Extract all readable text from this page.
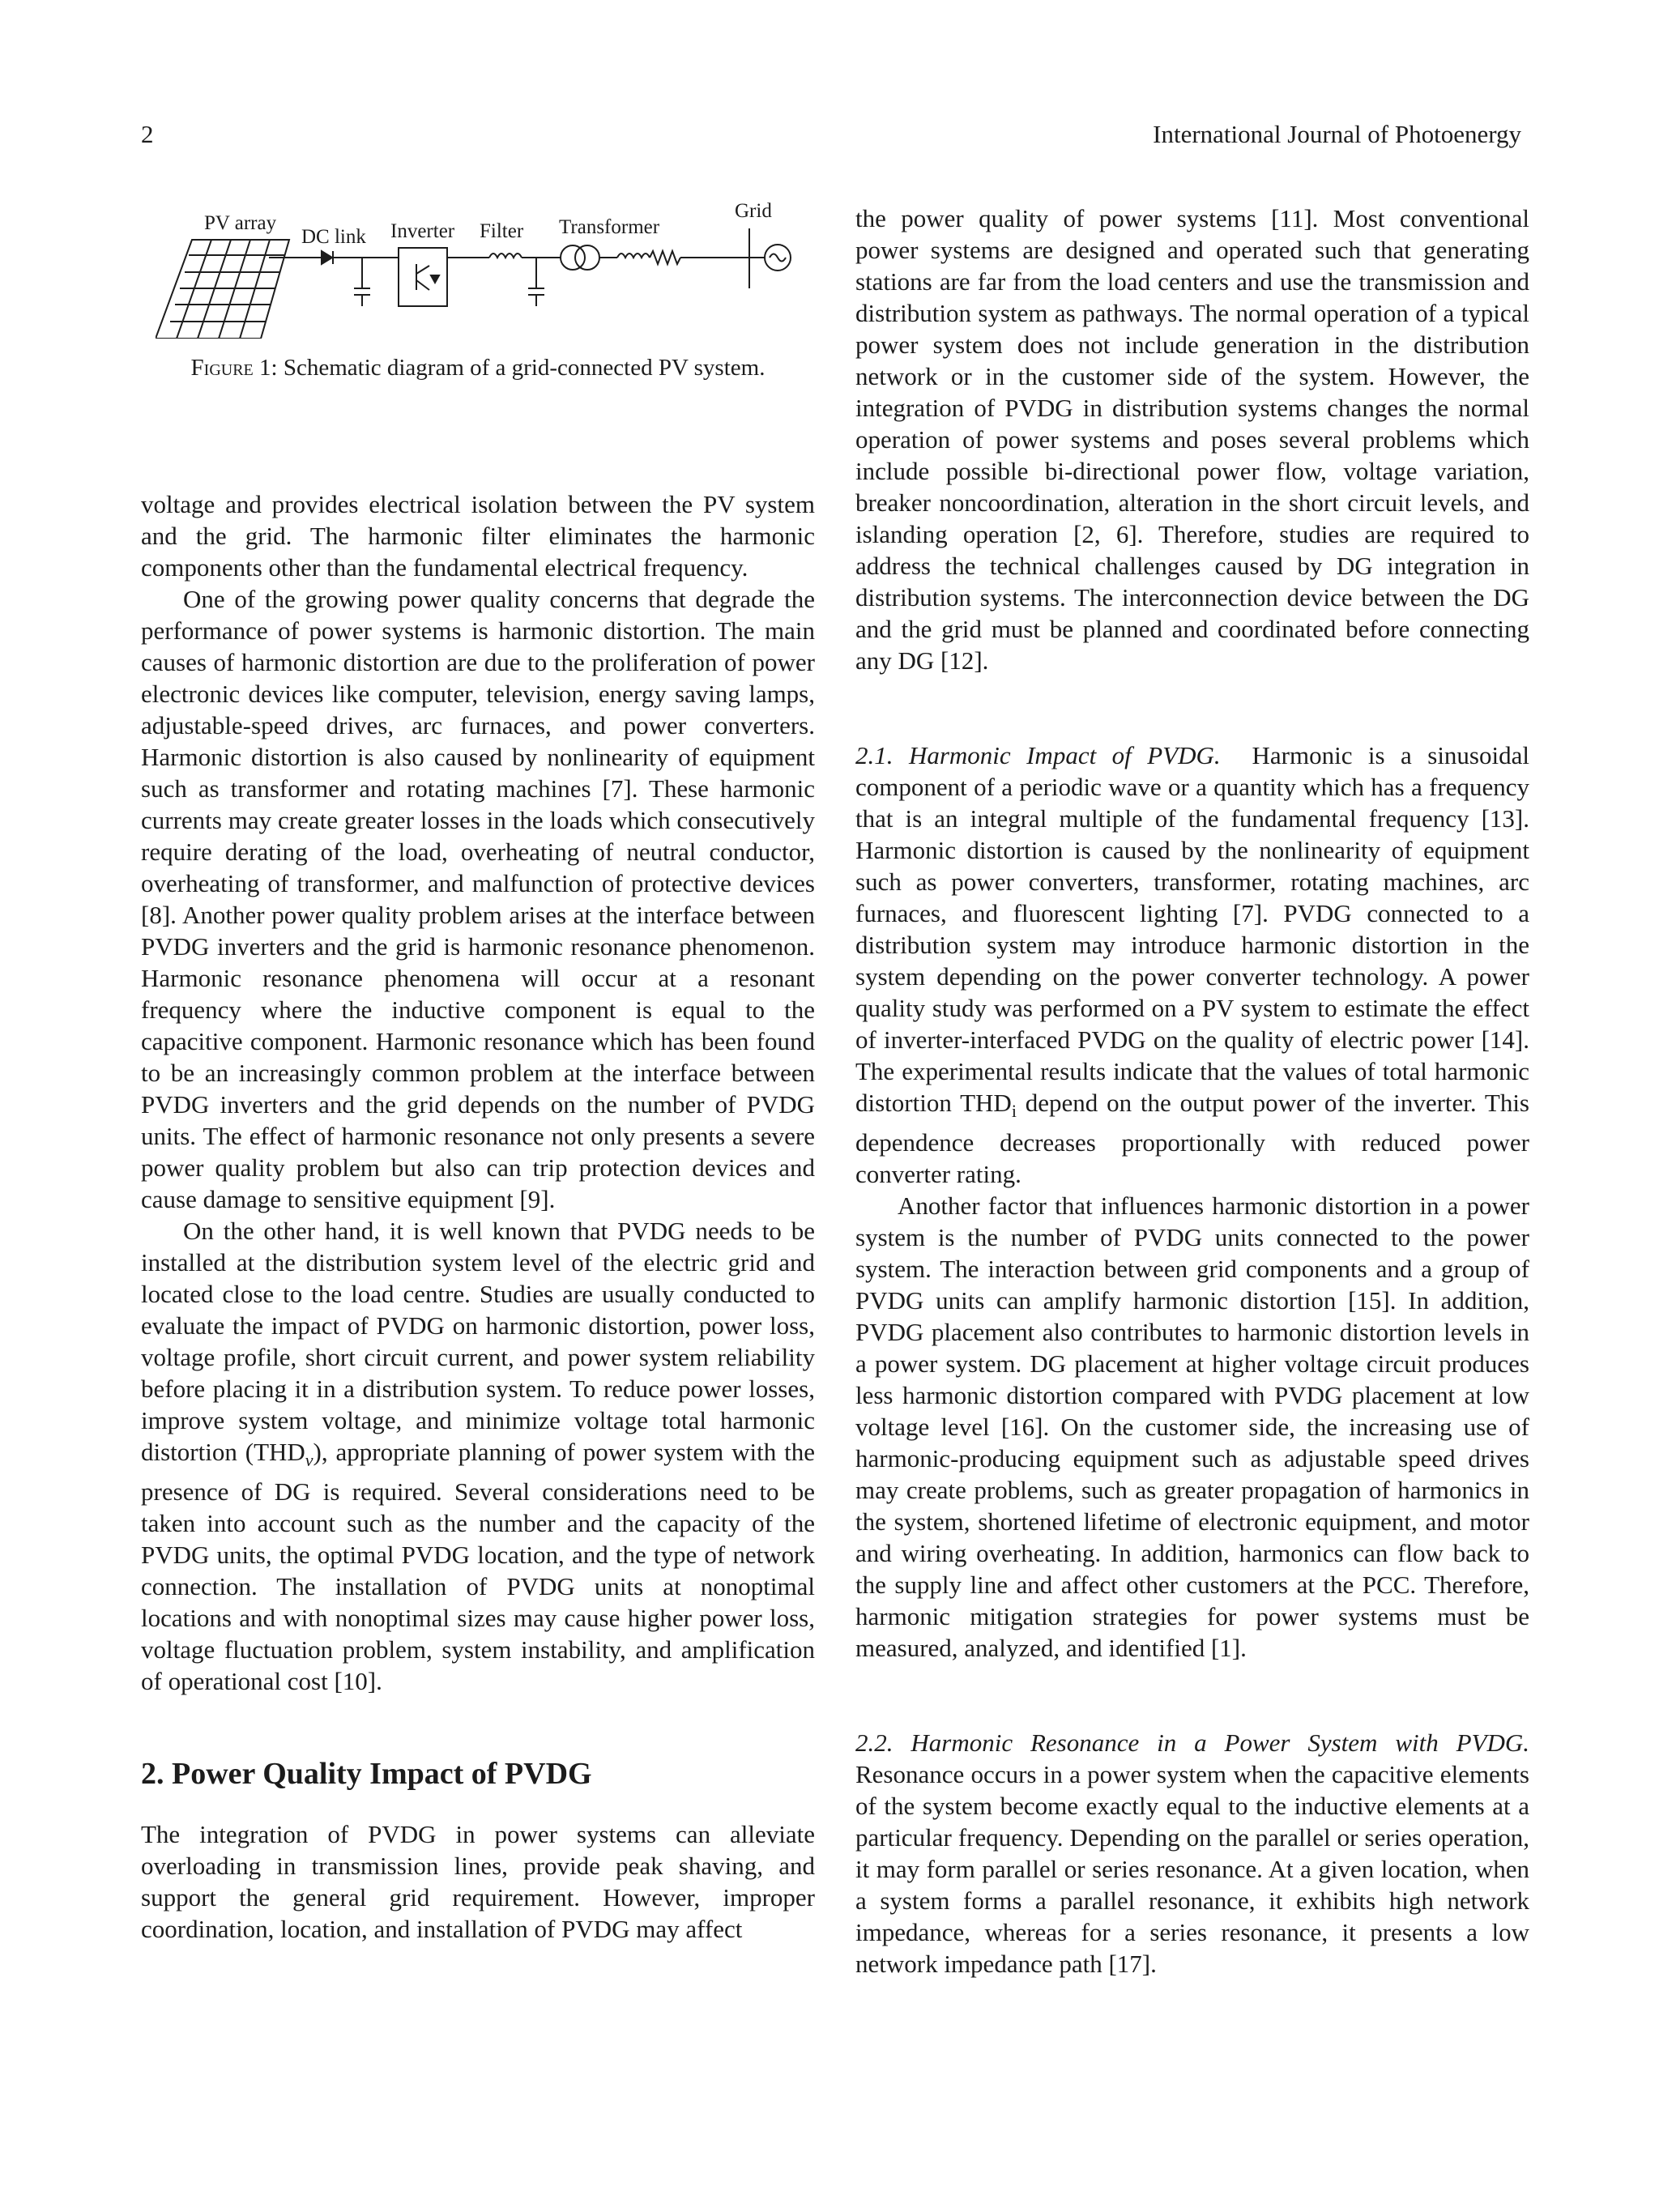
2	International Journal of Photoenergy
PV array
DC link Inverter Filter Transformer
Grid
Figure 1: Schematic diagram of a grid-connected PV system.

voltage and provides electrical isolation between the PV system and the grid. The harmonic filter eliminates the harmonic components other than the fundamental electrical frequency.

One of the growing power quality concerns that degrade the performance of power systems is harmonic distortion. The main causes of harmonic distortion are due to the proliferation of power electronic devices like computer, television, energy saving lamps, adjustable-speed drives, arc furnaces, and power converters. Harmonic distortion is also caused by nonlinearity of equipment such as transformer and rotating machines [7]. These harmonic currents may create greater losses in the loads which consecutively require derating of the load, overheating of neutral conductor, overheating of transformer, and malfunction of protective devices [8]. Another power quality problem arises at the interface between PVDG inverters and the grid is harmonic resonance phenomenon. Harmonic resonance phenomena will occur at a resonant frequency where the inductive component is equal to the capacitive component. Harmonic resonance which has been found to be an increasingly common problem at the interface between PVDG inverters and the grid depends on the number of PVDG units. The effect of harmonic resonance not only presents a severe power quality problem but also can trip protection devices and cause damage to sensitive equipment [9].

On the other hand, it is well known that PVDG needs to be installed at the distribution system level of the electric grid and located close to the load centre. Studies are usually conducted to evaluate the impact of PVDG on harmonic distortion, power loss, voltage profile, short circuit current, and power system reliability before placing it in a distribution system. To reduce power losses, improve system voltage, and minimize voltage total harmonic distortion $(THD_v)$, appropriate planning of power system with the presence of DG is required. Several considerations need to be taken into account such as the number and the capacity of the PVDG units, the optimal PVDG location, and the type of network connection. The installation of PVDG units at nonoptimal locations and with nonoptimal sizes may cause higher power loss, voltage fluctuation problem, system instability, and amplification of operational cost [10].

2. Power Quality Impact of PVDG

The integration of PVDG in power systems can alleviate overloading in transmission lines, provide peak shaving, and support the general grid requirement. However, improper coordination, location, and installation of PVDG may affect

the power quality of power systems [11]. Most conventional power systems are designed and operated such that generating stations are far from the load centers and use the transmission and distribution system as pathways. The normal operation of a typical power system does not include generation in the distribution network or in the customer side of the system. However, the integration of PVDG in distribution systems changes the normal operation of power systems and poses several problems which include possible bi-directional power flow, voltage variation, breaker noncoordination, alteration in the short circuit levels, and islanding operation [2, 6]. Therefore, studies are required to address the technical challenges caused by DG integration in distribution systems. The interconnection device between the DG and the grid must be planned and coordinated before connecting any DG [12].

2.1. Harmonic Impact of PVDG. Harmonic is a sinusoidal component of a periodic wave or a quantity which has a frequency that is an integral multiple of the fundamental frequency [13]. Harmonic distortion is caused by the nonlinearity of equipment such as power converters, transformer, rotating machines, arc furnaces, and fluorescent lighting [7]. PVDG connected to a distribution system may introduce harmonic distortion in the system depending on the power converter technology. A power quality study was performed on a PV system to estimate the effect of inverter-interfaced PVDG on the quality of electric power [14]. The experimental results indicate that the values of total harmonic distortion $THD_i$ depend on the output power of the inverter. This dependence decreases proportionally with reduced power converter rating.

Another factor that influences harmonic distortion in a power system is the number of PVDG units connected to the power system. The interaction between grid components and a group of PVDG units can amplify harmonic distortion [15]. In addition, PVDG placement also contributes to harmonic distortion levels in a power system. DG placement at higher voltage circuit produces less harmonic distortion compared with PVDG placement at low voltage level [16]. On the customer side, the increasing use of harmonic-producing equipment such as adjustable speed drives may create problems, such as greater propagation of harmonics in the system, shortened lifetime of electronic equipment, and motor and wiring overheating. In addition, harmonics can flow back to the supply line and affect other customers at the PCC. Therefore, harmonic mitigation strategies for power systems must be measured, analyzed, and identified [1].

2.2. Harmonic Resonance in a Power System with PVDG. Resonance occurs in a power system when the capacitive elements of the system become exactly equal to the inductive elements at a particular frequency. Depending on the parallel or series operation, it may form parallel or series resonance. At a given location, when a system forms a parallel resonance, it exhibits high network impedance, whereas for a series resonance, it presents a low network impedance path [17].
